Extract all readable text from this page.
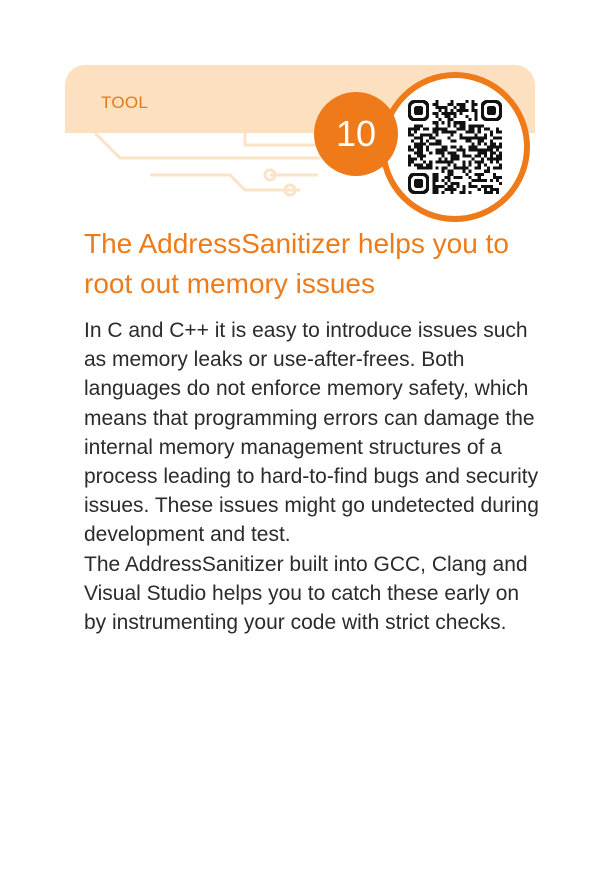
TOOL
10
The AddressSanitizer helps you to root out memory issues

In C and C++ it is easy to introduce issues such as memory leaks or use-after-frees. Both languages do not enforce memory safety, which means that programming errors can damage the internal memory management structures of a process leading to hard-to-find bugs and security issues. These issues might go undetected during development and test.

The AddressSanitizer built into GCC, Clang and Visual Studio helps you to catch these early on by instrumenting your code with strict checks.
